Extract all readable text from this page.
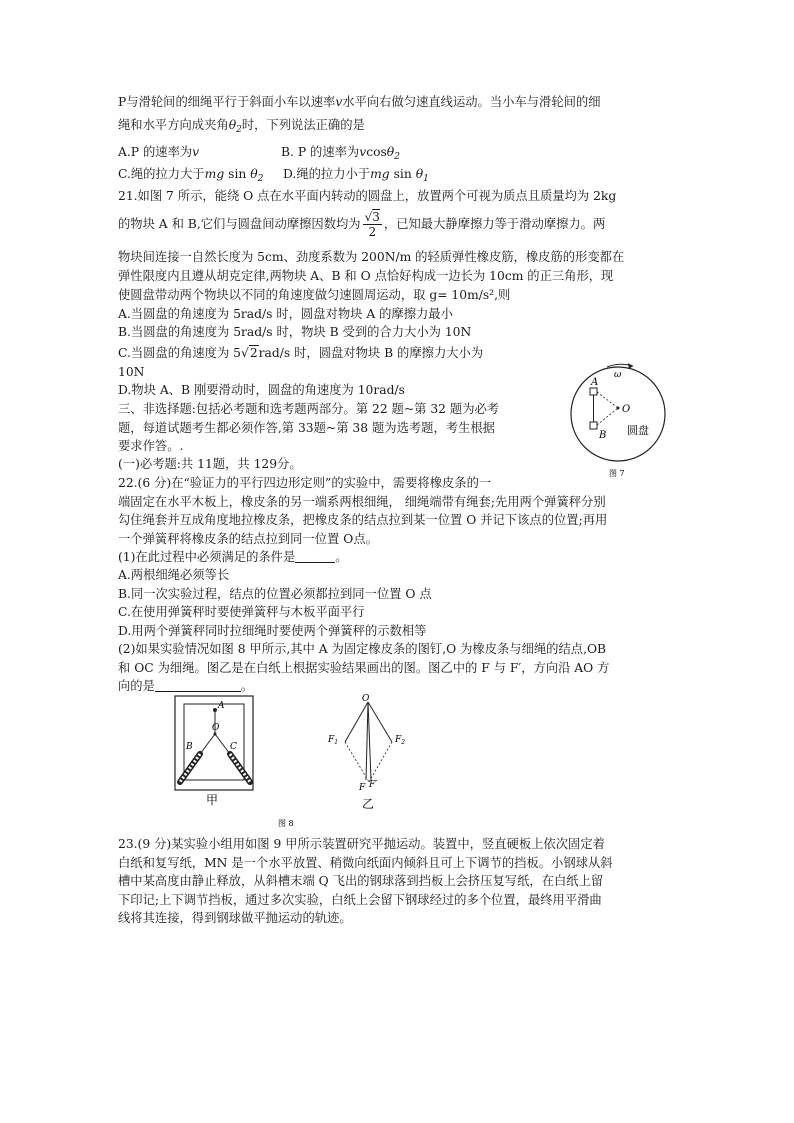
P与滑轮间的细绳平行于斜面小车以速率v水平向右做匀速直线运动。当小车与滑轮间的细
绳和水平方向成夹角$\theta_2$时，下列说法正确的是
A.P 的速率为v	B. P 的速率为vcosθ$_2$
C.绳的拉力大于mg $\sin \theta_2$ D.绳的拉力小于mg $\sin \theta_1$
21.如图 7 所示，能绕 O 点在水平面内转动的圆盘上，放置两个可视为质点且质量均为 2kg
的物块 A 和 B,它们与圆盘间动摩擦因数均为 $\frac{√3}{2}$ ，已知最大静摩擦力等于滑动摩擦力。两
物块间连接一自然长度为 5cm、劲度系数为 200N/m 的轻质弹性橡皮筋，橡皮筋的形变都在
弹性限度内且遵从胡克定律,两物块 A、B 和 O 点恰好构成一边长为 10cm 的正三角形，现
使圆盘带动两个物块以不同的角速度做匀速圆周运动，取 g= 10m/s²,则
A.当圆盘的角速度为 5rad/s 时，圆盘对物块 A 的摩擦力最小
B.当圆盘的角速度为 5rad/s 时，物块 B 受到的合力大小为 10N
C.当圆盘的角速度为 5√2rad/s 时，圆盘对物块 B 的摩擦力大小为
10N
D.物块 A、B 刚要滑动时，圆盘的角速度为 10rad/s
ω
A
B
O
圆盘
图 7
三、非选择题:包括必考题和选考题两部分。第 22 题~第 32 题为必考
题，每道试题考生都必须作答,第 33题~第 38 题为选考题，考生根据
要求作答。.
(一)必考题:共 11题，共 129分。
22.(6 分)在“验证力的平行四边形定则”的实验中，需要将橡皮条的一
端固定在水平木板上，橡皮条的另一端系两根细绳， 细绳端带有绳套;先用两个弹簧秤分别
勾住绳套并互成角度地拉橡皮条，把橡皮条的结点拉到某一位置 O 并记下该点的位置;再用
一个弹簧秤将橡皮条的结点拉到同一位置 O点。
(1)在此过程中必须满足的条件是	。
A.两根细绳必须等长
B.同一次实验过程，结点的位置必须都拉到同一位置 O 点
C.在使用弹簧秤时要使弹簧秤与木板平面平行
D.用两个弹簧秤同时拉细绳时要使两个弹簧秤的示数相等
(2)如果实验情况如图 8 甲所示,其中 A 为固定橡皮条的图钉,O 为橡皮条与细绳的结点,OB
和 OC 为细绳。图乙是在白纸上根据实验结果画出的图。图乙中的 F 与 F′，方向沿 AO 方
向的是	。
A
O
B	C
甲
O
$F_1$	$F_2$
F F′
乙
图 8
23.(9 分)某实验小组用如图 9 甲所示装置研究平抛运动。装置中，竖直硬板上依次固定着
白纸和复写纸，MN 是一个水平放置、稍微向纸面内倾斜且可上下调节的挡板。小钢球从斜
槽中某高度由静止释放，从斜槽末端 Q 飞出的钢球落到挡板上会挤压复写纸，在白纸上留
下印记;上下调节挡板，通过多次实验，白纸上会留下钢球经过的多个位置，最终用平滑曲
线将其连接，得到钢球做平抛运动的轨迹。
